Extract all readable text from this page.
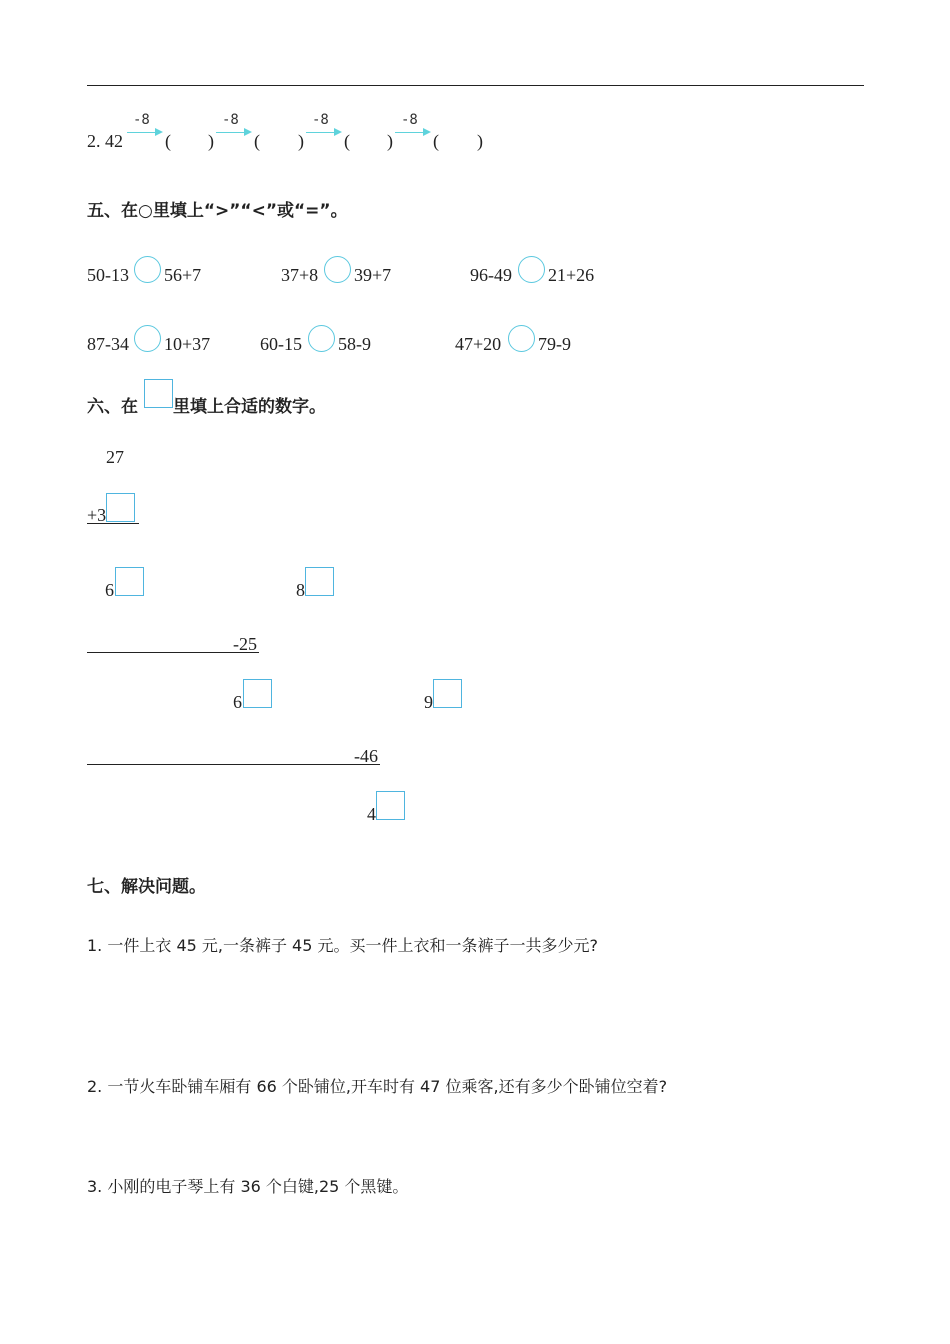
2. 42
-8
( )
-8
( )
-8
( )
-8
( )
五、在○里填上“>”“<”或“=”。
50-13 56+7	37+8 39+7	96-49 21+26
87-34 10+37	60-15 58-9	47+20 79-9
六、在 里填上合适的数字。
27
+3
6	8
-25
6	9
-46
4
七、解决问题。
1. 一件上衣 45 元,一条裤子 45 元。买一件上衣和一条裤子一共多少元?
2. 一节火车卧铺车厢有 66 个卧铺位,开车时有 47 位乘客,还有多少个卧铺位空着?
3. 小刚的电子琴上有 36 个白键,25 个黑键。
